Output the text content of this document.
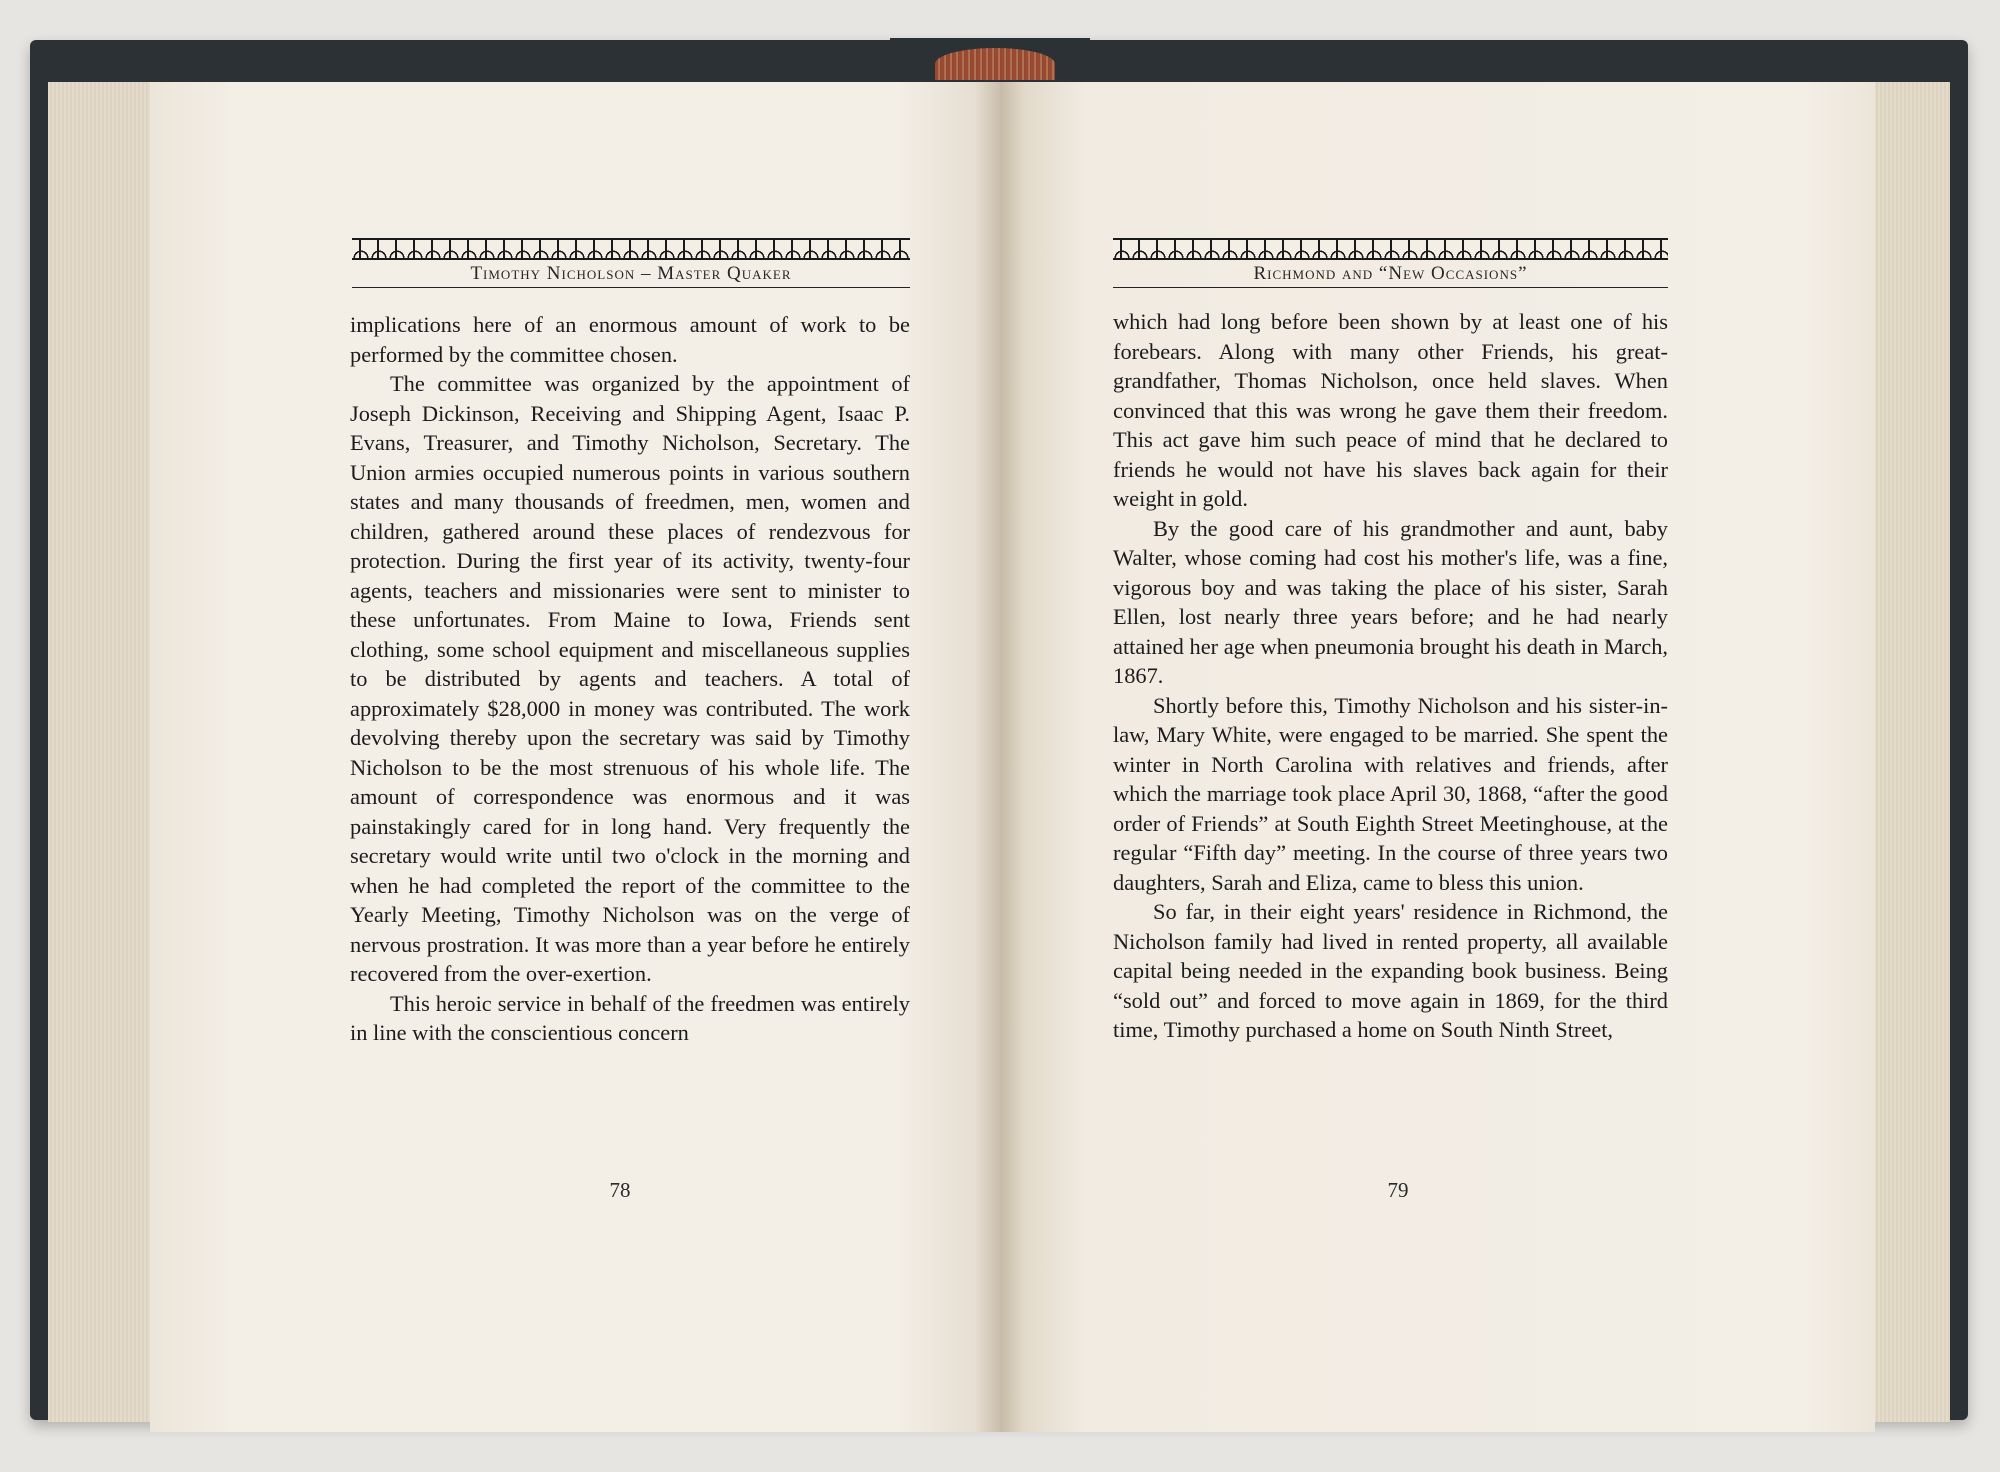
Timothy Nicholson – Master Quaker	Richmond and “New Occasions”

implications here of an enormous amount of work to be performed by the committee chosen.

The committee was organized by the appointment of Joseph Dickinson, Receiving and Shipping Agent, Isaac P. Evans, Treasurer, and Timothy Nicholson, Secretary. The Union armies occupied numerous points in various southern states and many thousands of freedmen, men, women and children, gathered around these places of rendezvous for protection. During the first year of its activity, twenty-four agents, teachers and missionaries were sent to minister to these unfortunates. From Maine to Iowa, Friends sent clothing, some school equipment and miscellaneous supplies to be distributed by agents and teachers. A total of approximately $28,000 in money was contributed. The work devolving thereby upon the secretary was said by Timothy Nicholson to be the most strenuous of his whole life. The amount of correspondence was enormous and it was painstakingly cared for in long hand. Very frequently the secretary would write until two o'clock in the morning and when he had completed the report of the committee to the Yearly Meeting, Timothy Nicholson was on the verge of nervous prostration. It was more than a year before he entirely recovered from the over-exertion.

This heroic service in behalf of the freedmen was entirely in line with the conscientious concern

which had long before been shown by at least one of his forebears. Along with many other Friends, his great-grandfather, Thomas Nicholson, once held slaves. When convinced that this was wrong he gave them their freedom. This act gave him such peace of mind that he declared to friends he would not have his slaves back again for their weight in gold.

By the good care of his grandmother and aunt, baby Walter, whose coming had cost his mother's life, was a fine, vigorous boy and was taking the place of his sister, Sarah Ellen, lost nearly three years before; and he had nearly attained her age when pneumonia brought his death in March, 1867.

Shortly before this, Timothy Nicholson and his sister-in-law, Mary White, were engaged to be married. She spent the winter in North Carolina with relatives and friends, after which the marriage took place April 30, 1868, “after the good order of Friends” at South Eighth Street Meetinghouse, at the regular “Fifth day” meeting. In the course of three years two daughters, Sarah and Eliza, came to bless this union.

So far, in their eight years' residence in Richmond, the Nicholson family had lived in rented property, all available capital being needed in the expanding book business. Being “sold out” and forced to move again in 1869, for the third time, Timothy purchased a home on South Ninth Street,

78	79
